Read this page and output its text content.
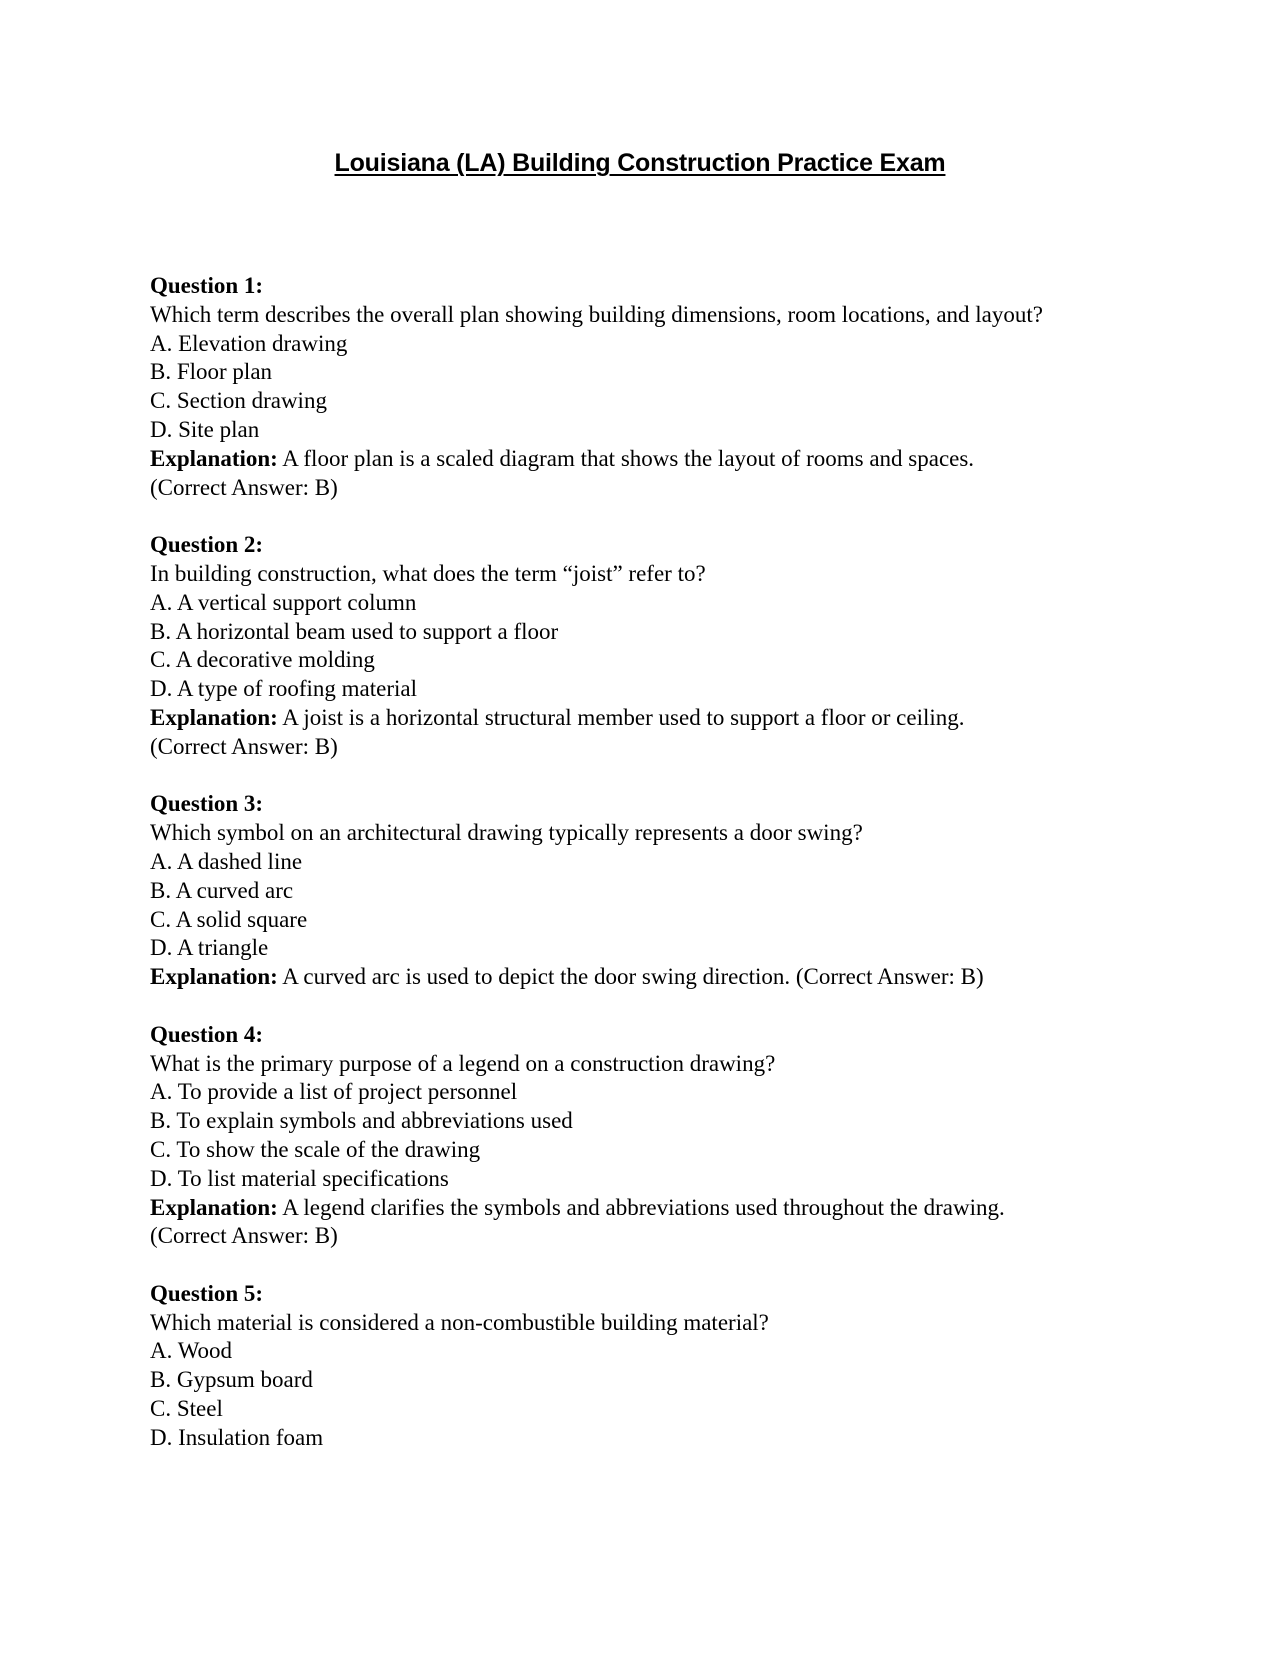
Louisiana (LA) Building Construction Practice Exam
Question 1:
Which term describes the overall plan showing building dimensions, room locations, and layout?
A. Elevation drawing
B. Floor plan
C. Section drawing
D. Site plan
Explanation: A floor plan is a scaled diagram that shows the layout of rooms and spaces.
(Correct Answer: B)
Question 2:
In building construction, what does the term “joist” refer to?
A. A vertical support column
B. A horizontal beam used to support a floor
C. A decorative molding
D. A type of roofing material
Explanation: A joist is a horizontal structural member used to support a floor or ceiling.
(Correct Answer: B)
Question 3:
Which symbol on an architectural drawing typically represents a door swing?
A. A dashed line
B. A curved arc
C. A solid square
D. A triangle
Explanation: A curved arc is used to depict the door swing direction. (Correct Answer: B)
Question 4:
What is the primary purpose of a legend on a construction drawing?
A. To provide a list of project personnel
B. To explain symbols and abbreviations used
C. To show the scale of the drawing
D. To list material specifications
Explanation: A legend clarifies the symbols and abbreviations used throughout the drawing.
(Correct Answer: B)
Question 5:
Which material is considered a non-combustible building material?
A. Wood
B. Gypsum board
C. Steel
D. Insulation foam
